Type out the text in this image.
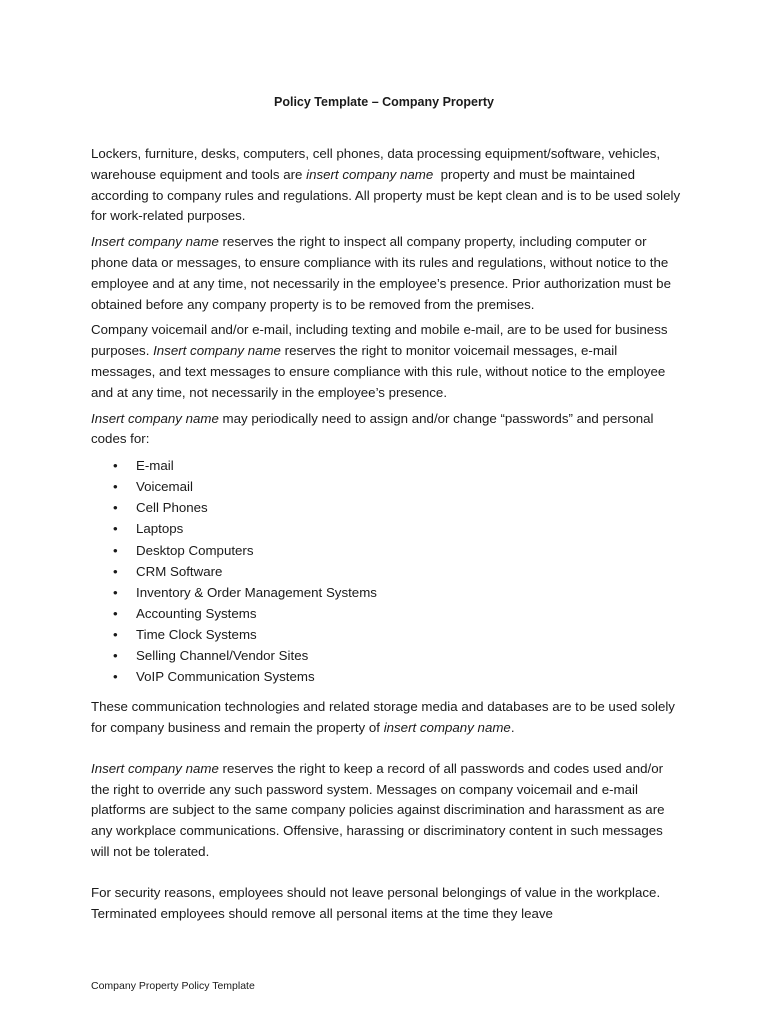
Policy Template – Company Property

Lockers, furniture, desks, computers, cell phones, data processing equipment/software, vehicles, warehouse equipment and tools are insert company name  property and must be maintained according to company rules and regulations. All property must be kept clean and is to be used solely for work-related purposes.

Insert company name reserves the right to inspect all company property, including computer or phone data or messages, to ensure compliance with its rules and regulations, without notice to the employee and at any time, not necessarily in the employee’s presence. Prior authorization must be obtained before any company property is to be removed from the premises.

Company voicemail and/or e-mail, including texting and mobile e-mail, are to be used for business purposes. Insert company name reserves the right to monitor voicemail messages, e-mail messages, and text messages to ensure compliance with this rule, without notice to the employee and at any time, not necessarily in the employee’s presence.

Insert company name may periodically need to assign and/or change “passwords” and personal codes for:

• E-mail
• Voicemail
• Cell Phones
• Laptops
• Desktop Computers
• CRM Software
• Inventory & Order Management Systems
• Accounting Systems
• Time Clock Systems
• Selling Channel/Vendor Sites
• VoIP Communication Systems

These communication technologies and related storage media and databases are to be used solely for company business and remain the property of insert company name.

Insert company name reserves the right to keep a record of all passwords and codes used and/or the right to override any such password system. Messages on company voicemail and e-mail platforms are subject to the same company policies against discrimination and harassment as are any workplace communications. Offensive, harassing or discriminatory content in such messages will not be tolerated.

For security reasons, employees should not leave personal belongings of value in the workplace. Terminated employees should remove all personal items at the time they leave

Company Property Policy Template
